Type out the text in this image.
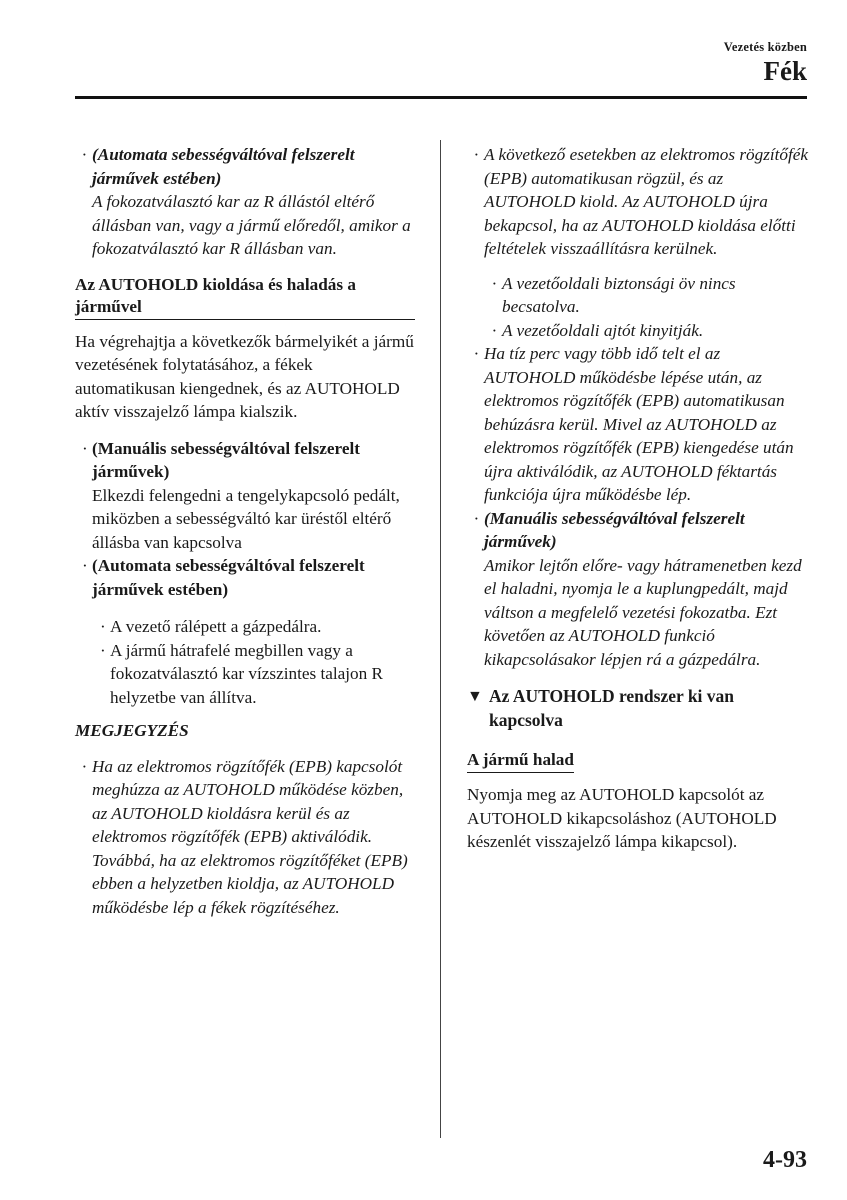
Vezetés közben
Fék
· (Automata sebességváltóval felszerelt járművek estében)
A fokozatválasztó kar az R állástól eltérő állásban van, vagy a jármű előredől, amikor a fokozatválasztó kar R állásban van.
Az AUTOHOLD kioldása és haladás a járművel
Ha végrehajtja a következők bármelyikét a jármű vezetésének folytatásához, a fékek automatikusan kiengednek, és az AUTOHOLD aktív visszajelző lámpa kialszik.
· (Manuális sebességváltóval felszerelt járművek)
Elkezdi felengedni a tengelykapcsoló pedált, miközben a sebességváltó kar üréstől eltérő állásba van kapcsolva
· (Automata sebességváltóval felszerelt járművek estében)
· A vezető rálépett a gázpedálra.
· A jármű hátrafelé megbillen vagy a fokozatválasztó kar vízszintes talajon R helyzetbe van állítva.
MEGJEGYZÉS
· Ha az elektromos rögzítőfék (EPB) kapcsolót meghúzza az AUTOHOLD működése közben, az AUTOHOLD kioldásra kerül és az elektromos rögzítőfék (EPB) aktiválódik. Továbbá, ha az elektromos rögzítőféket (EPB) ebben a helyzetben kioldja, az AUTOHOLD működésbe lép a fékek rögzítéséhez.
· A következő esetekben az elektromos rögzítőfék (EPB) automatikusan rögzül, és az AUTOHOLD kiold. Az AUTOHOLD újra bekapcsol, ha az AUTOHOLD kioldása előtti feltételek visszaállításra kerülnek.
· A vezetőoldali biztonsági öv nincs becsatolva.
· A vezetőoldali ajtót kinyitják.
· Ha tíz perc vagy több idő telt el az AUTOHOLD működésbe lépése után, az elektromos rögzítőfék (EPB) automatikusan behúzásra kerül. Mivel az AUTOHOLD az elektromos rögzítőfék (EPB) kiengedése után újra aktiválódik, az AUTOHOLD féktartás funkciója újra működésbe lép.
· (Manuális sebességváltóval felszerelt járművek)
Amikor lejtőn előre- vagy hátramenetben kezd el haladni, nyomja le a kuplungpedált, majd váltson a megfelelő vezetési fokozatba. Ezt követően az AUTOHOLD funkció kikapcsolásakor lépjen rá a gázpedálra.
▼ Az AUTOHOLD rendszer ki van kapcsolva
A jármű halad
Nyomja meg az AUTOHOLD kapcsolót az AUTOHOLD kikapcsoláshoz (AUTOHOLD készenlét visszajelző lámpa kikapcsol).
4-93
